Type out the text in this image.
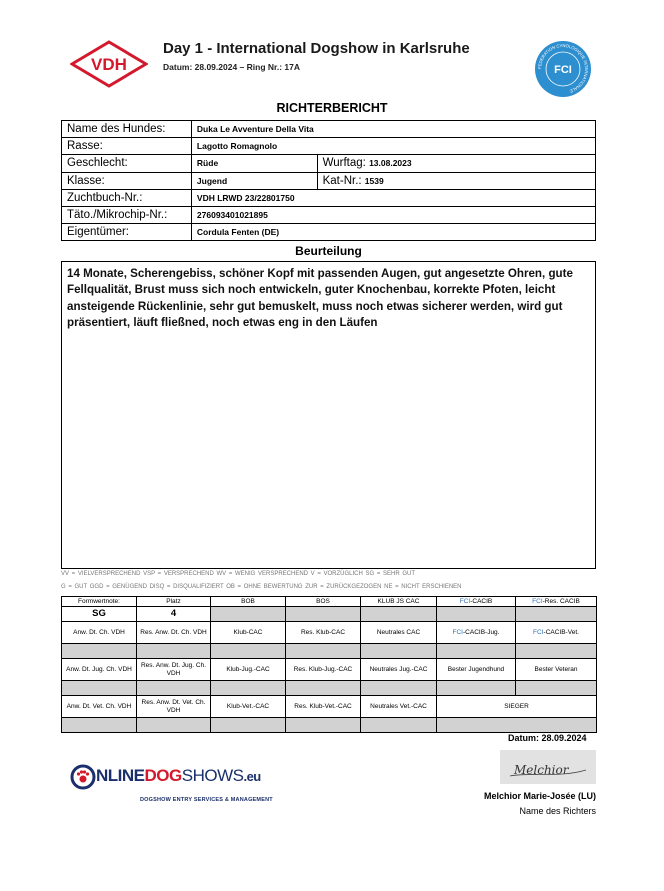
VDH
Day 1 - International Dogshow in Karlsruhe
Datum: 28.09.2024 – Ring Nr.: 17A	FEDERATION CYNOLOGIQUE INTERNATIONALE
FCI
RICHTERBERICHT
Name des Hundes:	Duka Le Avventure Della Vita	
Rasse:	Lagotto Romagnolo	
Geschlecht:	Rüde	Wurftag: 13.08.2023
Klasse:	Jugend	Kat-Nr.: 1539
Zuchtbuch-Nr.:	VDH LRWD 23/22801750	
Täto./Mikrochip-Nr.:	276093401021895	
Eigentümer:	Cordula Fenten (DE)	
Beurteilung
14 Monate, Scherengebiss, schöner Kopf mit passenden Augen, gut angesetzte Ohren, gute Fellqualität, Brust muss sich noch entwickeln, guter Knochenbau, korrekte Pfoten, leicht ansteigende Rückenlinie, sehr gut bemuskelt, muss noch etwas sicherer werden, wird gut präsentiert, läuft fließned, noch etwas eng in den Läufen
VV = VIELVERSPRECHEND VSP = VERSPRECHEND WV = WENIG VERSPRECHEND V = VORZÜGLICH SG = SEHR GUT
G = GUT GGD = GENÜGEND DISQ = DISQUALIFIZIERT OB = OHNE BEWERTUNG ZUR = ZURÜCKGEZOGEN NE = NICHT ERSCHIENEN
Formwertnote:	Platz	BOB	BOS	KLUB JS CAC	FCI-CACIB	FCI-Res. CACIB
SG	4					
Anw. Dt. Ch. VDH	Res. Anw. Dt. Ch. VDH	Klub-CAC	Res. Klub-CAC	Neutrales CAC	FCI-CACIB-Jug.	FCI-CACIB-Vet.

Anw. Dt. Jug. Ch. VDH	Res. Anw. Dt. Jug. Ch. VDH	Klub-Jug.-CAC	Res. Klub-Jug.-CAC	Neutrales Jug.-CAC	Bester Jugendhund	Bester Veteran

Anw. Dt. Vet. Ch. VDH	Res. Anw. Dt. Vet. Ch. VDH	Klub-Vet.-CAC	Res. Klub-Vet.-CAC	Neutrales Vet.-CAC	SIEGER	

Datum: 28.09.2024
Melchior
Melchior Marie-Josée (LU)
Name des Richters
NLINEDOGSHOWS.eu
DOGSHOW ENTRY SERVICES & MANAGEMENT
